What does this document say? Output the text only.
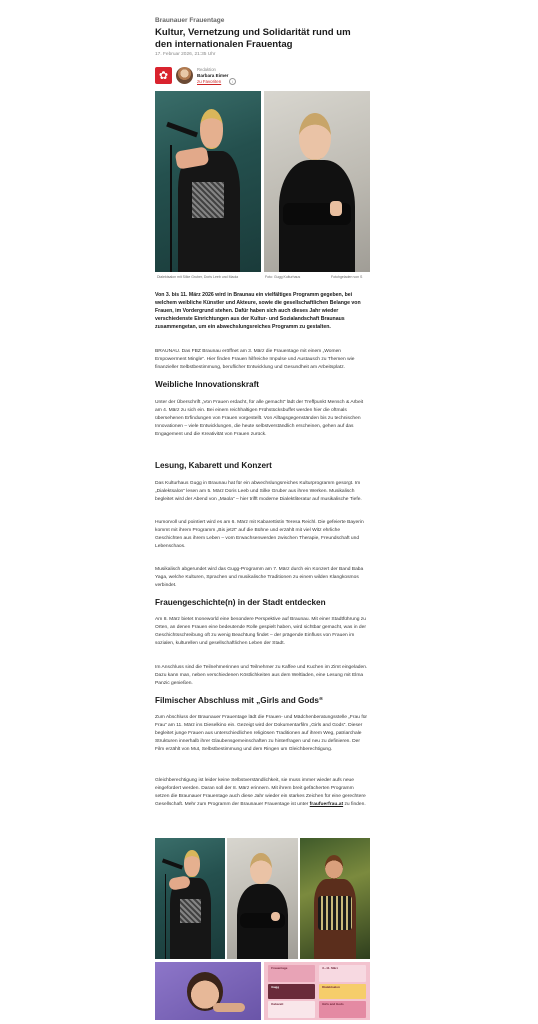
Braunauer Frauentage
Kultur, Vernetzung und Solidarität rund um den internationalen Frauentag
17. Februar 2026, 21:35 Uhr
✿
Redaktion
Barbara Eimer
zu Favoriten	i
Dialektsalon mit Silke Gruber, Doris Leeb und Maola	Foto: Gugg Kulturhaus	Fotohgeladen von S

Von 3. bis 11. März 2026 wird in Braunau ein vielfältiges Programm gegeben, bei welchem weibliche Künstler und Akteure, sowie die gesellschaftlichen Belange von Frauen, im Vordergrund stehen. Dafür haben sich auch dieses Jahr wieder verschiedenste Einrichtungen aus der Kultur- und Sozialandschaft Braunaus zusammengetan, um ein abwechslungsreiches Programm zu gestalten.

BRAUNAU. Das FBZ Braunau eröffnet am 3. März die Frauentage mit einem „Women Empowerment Mingle“. Hier finden Frauen hilfreiche Impulse und Austausch zu Themen wie finanzieller Selbstbestimmung, beruflicher Entwicklung und Gesundheit am Arbeitsplatz.

Weibliche Innovationskraft

Unter der Überschrift „Von Frauen erdacht, für alle gemacht“ lädt der Treffpunkt Mensch & Arbeit am 4. März zu sich ein. Bei einem reichhaltigen Frühstücksbuffet werden hier die oftmals übersehenen Erfindungen von Frauen vorgestellt. Von Alltagsgegenständen bis zu technischen Innovationen – viele Entwicklungen, die heute selbstverständlich erscheinen, gehen auf das Engagement und die Kreativität von Frauen zurück.

Lesung, Kabarett und Konzert

Das Kulturhaus Gugg in Braunau hat für ein abwechslungsreiches Kulturprogramm gesorgt. Im „Dialektsalon“ lesen am 5. März Doris Leeb und Silke Gruber aus ihren Werken. Musikalisch begleitet wird der Abend von „Maola“ – hier trifft moderne Dialektliteratur auf musikalische Tiefe.

Humorvoll und pointiert wird es am 6. März mit Kabarettistin Teresa Reichl. Die gefeierte Bayerin kommt mit ihrem Programm „Bis jetzt“ auf die Bühne und erzählt mit viel Witz ehrliche Geschichten aus ihrem Leben – vom Erwachsenwerden zwischen Therapie, Freundschaft und Lebenschaos.

Musikalisch abgerundet wird das Gugg-Programm am 7. März durch ein Konzert der Band Baba Yaga, welche Kulturen, Sprachen und musikalische Traditionen zu einem wilden Klangkosmos verbindet.

Frauengeschichte(n) in der Stadt entdecken

Am 8. März bietet Inoneworld eine besondere Perspektive auf Braunau. Mit einer Stadtführung zu Orten, an denen Frauen eine bedeutende Rolle gespielt haben, wird sichtbar gemacht, was in der Geschichtsschreibung oft zu wenig Beachtung findet – der prägende Einfluss von Frauen im sozialen, kulturellen und gesellschaftlichen Leben der Stadt.

Im Anschluss sind die Teilnehmerinnen und Teilnehmer zu Kaffee und Kuchen im Zimt eingeladen. Dazu kann man, neben verschiedenen Köstlichkeiten aus dem Weltladen, eine Lesung mit Elma Panzic genießen.

Filmischer Abschluss mit „Girls and Gods“

Zum Abschluss der Braunauer Frauentage lädt die Frauen- und Mädchenberatungsstelle „Frau für Frau“ am 11. März ins Dieselkino ein. Gezeigt wird der Dokumentarfilm „Girls and Gods“. Dieser begleitet junge Frauen aus unterschiedlichen religiösen Traditionen auf ihrem Weg, patriarchale Strukturen innerhalb ihrer Glaubensgemeinschaften zu hinterfragen und neu zu definieren. Der Film erzählt von Mut, Selbstbestimmung und dem Ringen um Gleichberechtigung.

Gleichberechtigung ist leider keine Selbstverständlichkeit, sie muss immer wieder aufs neue eingefordert werden. Daran soll der 8. März erinnern. Mit ihrem breit gefächerten Programm setzen die Braunauer Frauentage auch diese Jahr wieder ein starkes Zeichen für eine gerechtere Gesellschaft. Mehr zum Programm der Braunauer Frauentage ist unter fraufuerfrau.at zu finden.

Frauentage	3.–11. März
Gugg	Dialektsalon
Kabarett	Girls and Gods
